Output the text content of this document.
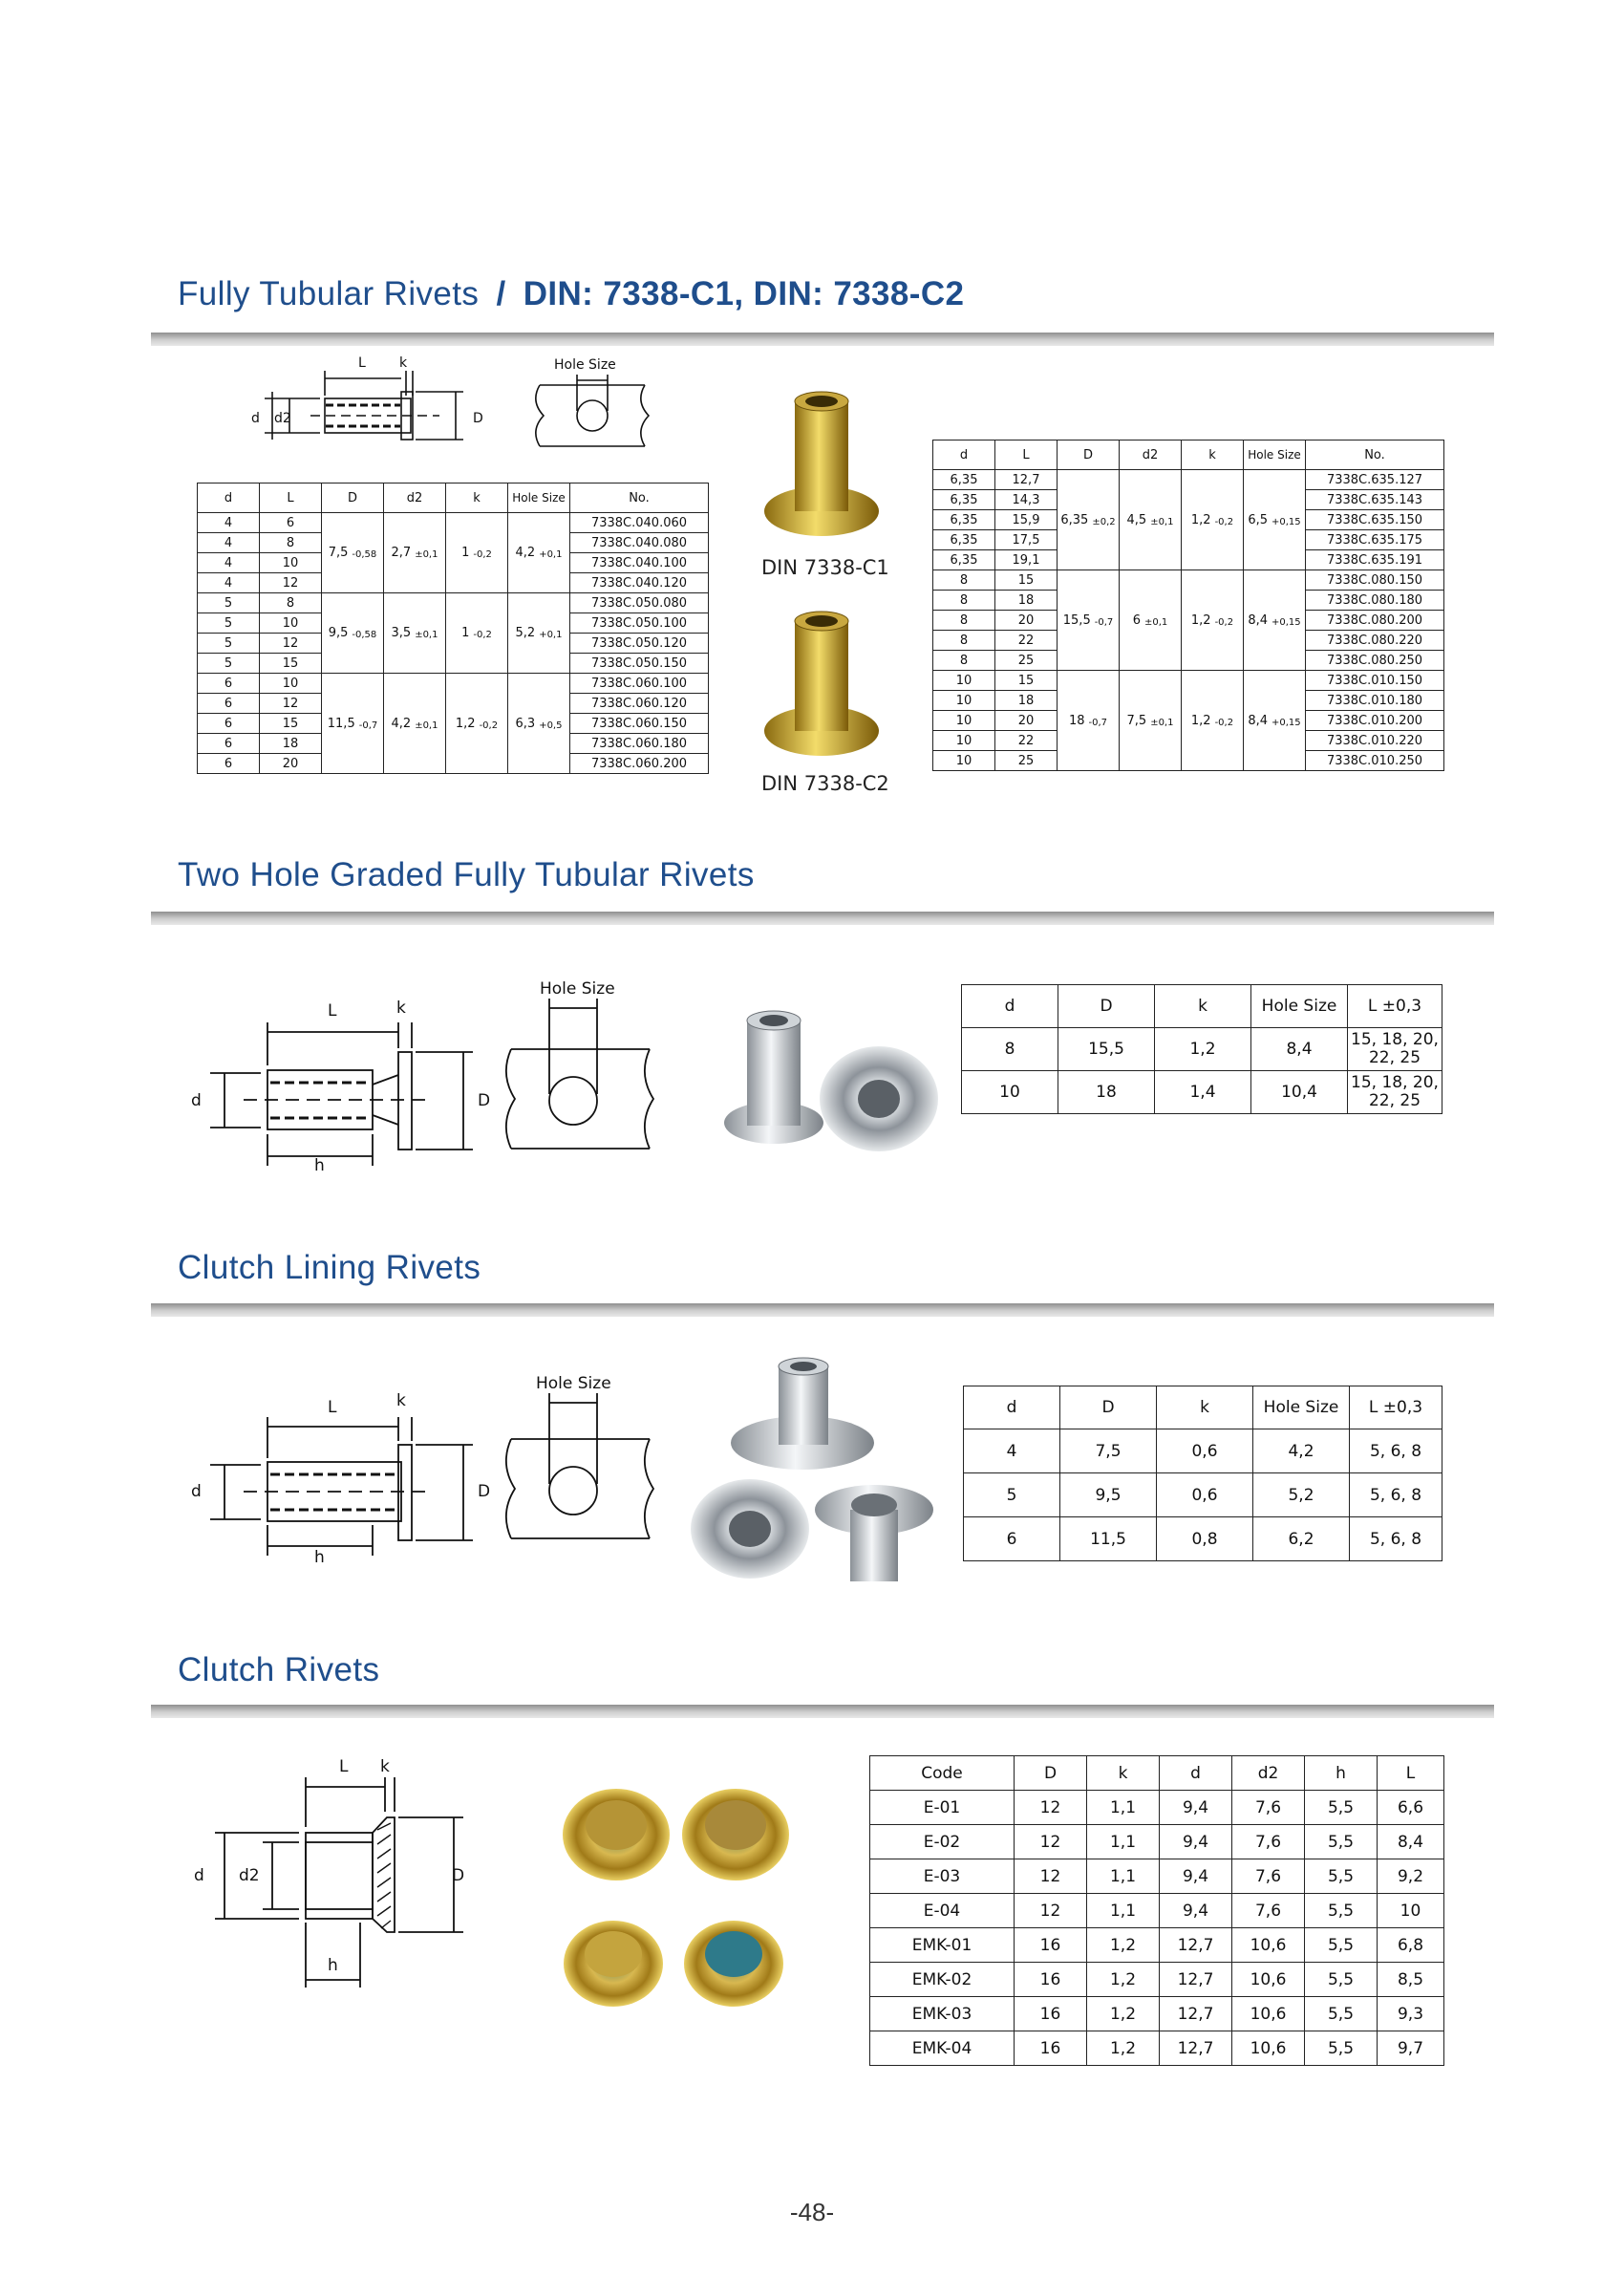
Fully Tubular Rivets / DIN: 7338-C1, DIN: 7338-C2
L	k
d d2	D
Hole Size
d	L	D	d2	k	Hole Size	No.
4	6	7,5 -0,58	2,7 ±0,1	1 -0,2	4,2 +0,1	7338C.040.060
4	8					7338C.040.080
4	10					7338C.040.100
4	12					7338C.040.120
5	8	9,5 -0,58	3,5 ±0,1	1 -0,2	5,2 +0,1	7338C.050.080
5	10					7338C.050.100
5	12					7338C.050.120
5	15					7338C.050.150
6	10	11,5 -0,7	4,2 ±0,1	1,2 -0,2	6,3 +0,5	7338C.060.100
6	12					7338C.060.120
6	15					7338C.060.150
6	18					7338C.060.180
6	20					7338C.060.200
DIN 7338-C1
DIN 7338-C2
d	L	D	d2	k	Hole Size	No.
6,35	12,7	6,35 ±0,2	4,5 ±0,1	1,2 -0,2	6,5 +0,15	7338C.635.127
6,35	14,3					7338C.635.143
6,35	15,9					7338C.635.150
6,35	17,5					7338C.635.175
6,35	19,1					7338C.635.191
8	15	15,5 -0,7	6 ±0,1	1,2 -0,2	8,4 +0,15	7338C.080.150
8	18					7338C.080.180
8	20					7338C.080.200
8	22					7338C.080.220
8	25					7338C.080.250
10	15	18 -0,7	7,5 ±0,1	1,2 -0,2	8,4 +0,15	7338C.010.150
10	18					7338C.010.180
10	20					7338C.010.200
10	22					7338C.010.220
10	25					7338C.010.250
Two Hole Graded Fully Tubular Rivets
L	k
d	D
h
Hole Size
d	D	k	Hole Size	L ±0,3
8	15,5	1,2	8,4	15, 18, 20,
22, 25

10	18	1,4	10,4	15, 18, 20,
22, 25
Clutch Lining Rivets
L	k
d	D
h
Hole Size
d	D	k	Hole Size	L ±0,3
4	7,5	0,6	4,2	5, 6, 8
5	9,5	0,6	5,2	5, 6, 8
6	11,5	0,8	6,2	5, 6, 8
Clutch Rivets
L k
d d2	D
h
Code	D	k	d	d2	h	L
E-01	12	1,1	9,4	7,6	5,5	6,6
E-02	12	1,1	9,4	7,6	5,5	8,4
E-03	12	1,1	9,4	7,6	5,5	9,2
E-04	12	1,1	9,4	7,6	5,5	10
EMK-01	16	1,2	12,7	10,6	5,5	6,8
EMK-02	16	1,2	12,7	10,6	5,5	8,5
EMK-03	16	1,2	12,7	10,6	5,5	9,3
EMK-04	16	1,2	12,7	10,6	5,5	9,7
-48-
